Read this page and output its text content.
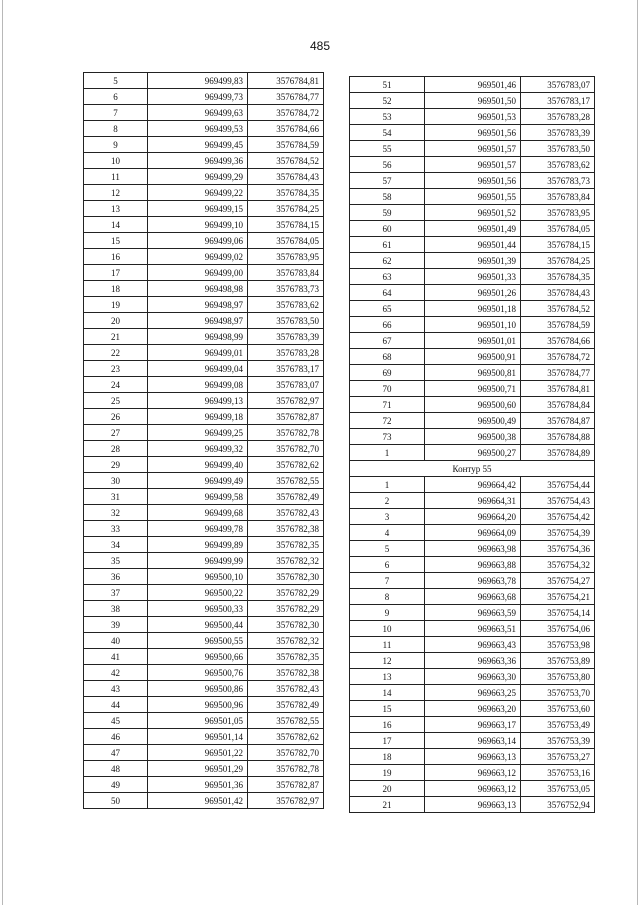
485
5	969499,83	3576784,81
6	969499,73	3576784,77
7	969499,63	3576784,72
8	969499,53	3576784,66
9	969499,45	3576784,59
10	969499,36	3576784,52
11	969499,29	3576784,43
12	969499,22	3576784,35
13	969499,15	3576784,25
14	969499,10	3576784,15
15	969499,06	3576784,05
16	969499,02	3576783,95
17	969499,00	3576783,84
18	969498,98	3576783,73
19	969498,97	3576783,62
20	969498,97	3576783,50
21	969498,99	3576783,39
22	969499,01	3576783,28
23	969499,04	3576783,17
24	969499,08	3576783,07
25	969499,13	3576782,97
26	969499,18	3576782,87
27	969499,25	3576782,78
28	969499,32	3576782,70
29	969499,40	3576782,62
30	969499,49	3576782,55
31	969499,58	3576782,49
32	969499,68	3576782,43
33	969499,78	3576782,38
34	969499,89	3576782,35
35	969499,99	3576782,32
36	969500,10	3576782,30
37	969500,22	3576782,29
38	969500,33	3576782,29
39	969500,44	3576782,30
40	969500,55	3576782,32
41	969500,66	3576782,35
42	969500,76	3576782,38
43	969500,86	3576782,43
44	969500,96	3576782,49
45	969501,05	3576782,55
46	969501,14	3576782,62
47	969501,22	3576782,70
48	969501,29	3576782,78
49	969501,36	3576782,87
50	969501,42	3576782,97
51	969501,46	3576783,07
52	969501,50	3576783,17
53	969501,53	3576783,28
54	969501,56	3576783,39
55	969501,57	3576783,50
56	969501,57	3576783,62
57	969501,56	3576783,73
58	969501,55	3576783,84
59	969501,52	3576783,95
60	969501,49	3576784,05
61	969501,44	3576784,15
62	969501,39	3576784,25
63	969501,33	3576784,35
64	969501,26	3576784,43
65	969501,18	3576784,52
66	969501,10	3576784,59
67	969501,01	3576784,66
68	969500,91	3576784,72
69	969500,81	3576784,77
70	969500,71	3576784,81
71	969500,60	3576784,84
72	969500,49	3576784,87
73	969500,38	3576784,88
1	969500,27	3576784,89
Контур 55		
1	969664,42	3576754,44
2	969664,31	3576754,43
3	969664,20	3576754,42
4	969664,09	3576754,39
5	969663,98	3576754,36
6	969663,88	3576754,32
7	969663,78	3576754,27
8	969663,68	3576754,21
9	969663,59	3576754,14
10	969663,51	3576754,06
11	969663,43	3576753,98
12	969663,36	3576753,89
13	969663,30	3576753,80
14	969663,25	3576753,70
15	969663,20	3576753,60
16	969663,17	3576753,49
17	969663,14	3576753,39
18	969663,13	3576753,27
19	969663,12	3576753,16
20	969663,12	3576753,05
21	969663,13	3576752,94
